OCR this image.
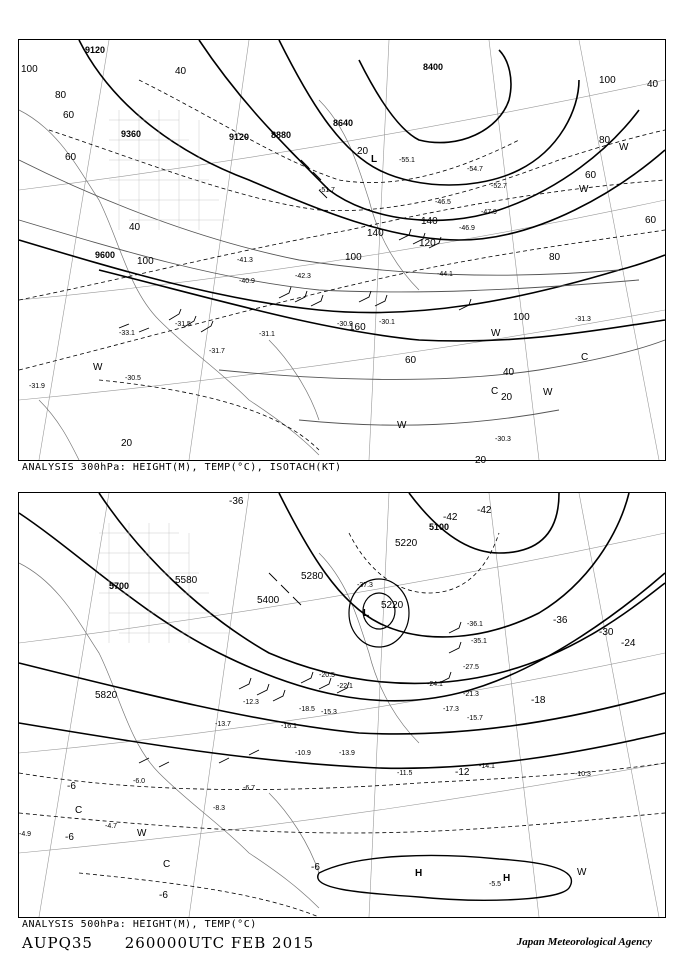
9120
9360	9120 8880
8640
8400
9600
100
80
60
40
60
40
140
20
100
160
140
120
80
100
60
40
20
60
80
100	40
20
100
20
60
-33.1
-30.5
-31.9
-31.5
-31.7
-31.1
-30.9	-30.1
-30.3
-31.3
-41.3
-40.9
-42.3
-46.9
-46.5
-47.9
-51.7
-52.7
-55.1
-54.7
-44.1
L
W
W
W
W
W
C
C
W
ANALYSIS 300hPa: HEIGHT(M), TEMP(°C), ISOTACH(KT)
5700	5580
5400
5280
5220
5220
5100
5820
-36
-42
-42
-36
-30
-24
-18
-12
-6
-6
-6
-6
-36.1
-35.1
-27.5
-24.1
-21.3
-17.3
-15.7
-14.1
-13.9
-11.5
-10.9
-10.3
-8.3
-6.0
-6.7
-5.5
-4.7
-4.9
-12.3
-13.7
-15.3
-18.5
-16.1
-20.5
-22.1
-37.3
L
H	H
C
C
W
W
ANALYSIS 500hPa: HEIGHT(M), TEMP(°C)
AUPQ35 260000UTC FEB 2015	Japan Meteorological Agency
